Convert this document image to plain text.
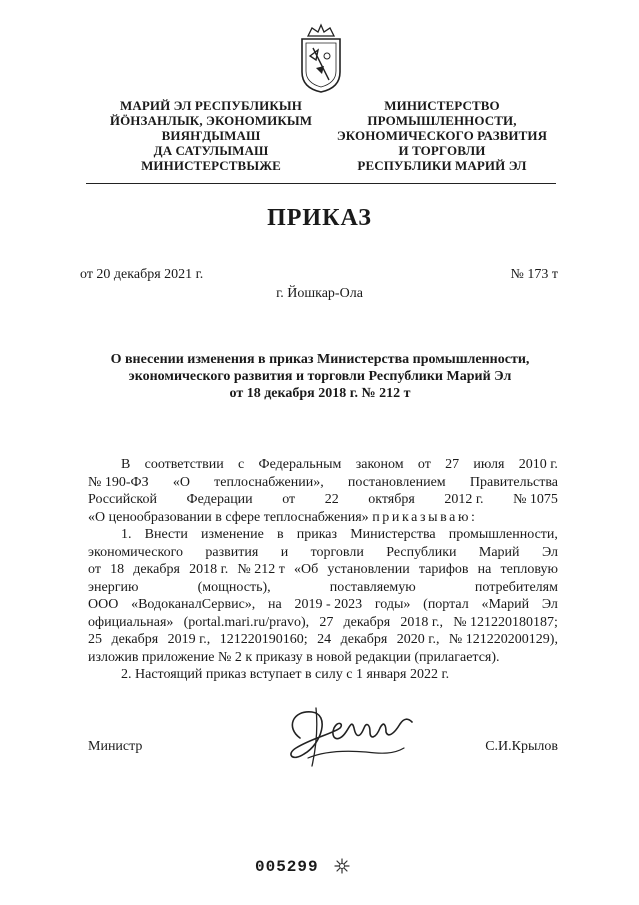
МАРИЙ ЭЛ РЕСПУБЛИКЫН
ЙӦНЗАНЛЫК, ЭКОНОМИКЫМ
ВИЯҤДЫМАШ
ДА САТУЛЫМАШ
МИНИСТЕРСТВЫЖЕ
МИНИСТЕРСТВО
ПРОМЫШЛЕННОСТИ,
ЭКОНОМИЧЕСКОГО РАЗВИТИЯ
И ТОРГОВЛИ
РЕСПУБЛИКИ МАРИЙ ЭЛ
ПРИКАЗ
от 20 декабря 2021 г.	№ 173 т
г. Йошкар-Ола
О внесении изменения в приказ Министерства промышленности,
экономического развития и торговли Республики Марий Эл
от 18 декабря 2018 г. № 212 т
В соответствии с Федеральным законом от 27 июля 2010 г.
№ 190-ФЗ «О теплоснабжении», постановлением Правительства
Российской Федерации от 22 октября 2012 г. № 1075
«О ценообразовании в сфере теплоснабжения»
приказываю:
1. Внести изменение в приказ Министерства промышленности,
экономического развития и торговли Республики Марий Эл
от 18 декабря 2018 г. № 212 т «Об установлении тарифов на тепловую
энергию	(мощность),	поставляемую	потребителям
ООО «ВодоканалСервис», на 2019 - 2023 годы» (портал «Марий Эл
официальная» (portal.mari.ru/pravo), 27 декабря 2018 г., № 121220180187;
25 декабря 2019 г., 121220190160; 24 декабря 2020 г., № 121220200129),
изложив приложение № 2 к приказу в новой редакции (прилагается).
2. Настоящий приказ вступает в силу с 1 января 2022 г.
Министр	С.И.Крылов
005299
